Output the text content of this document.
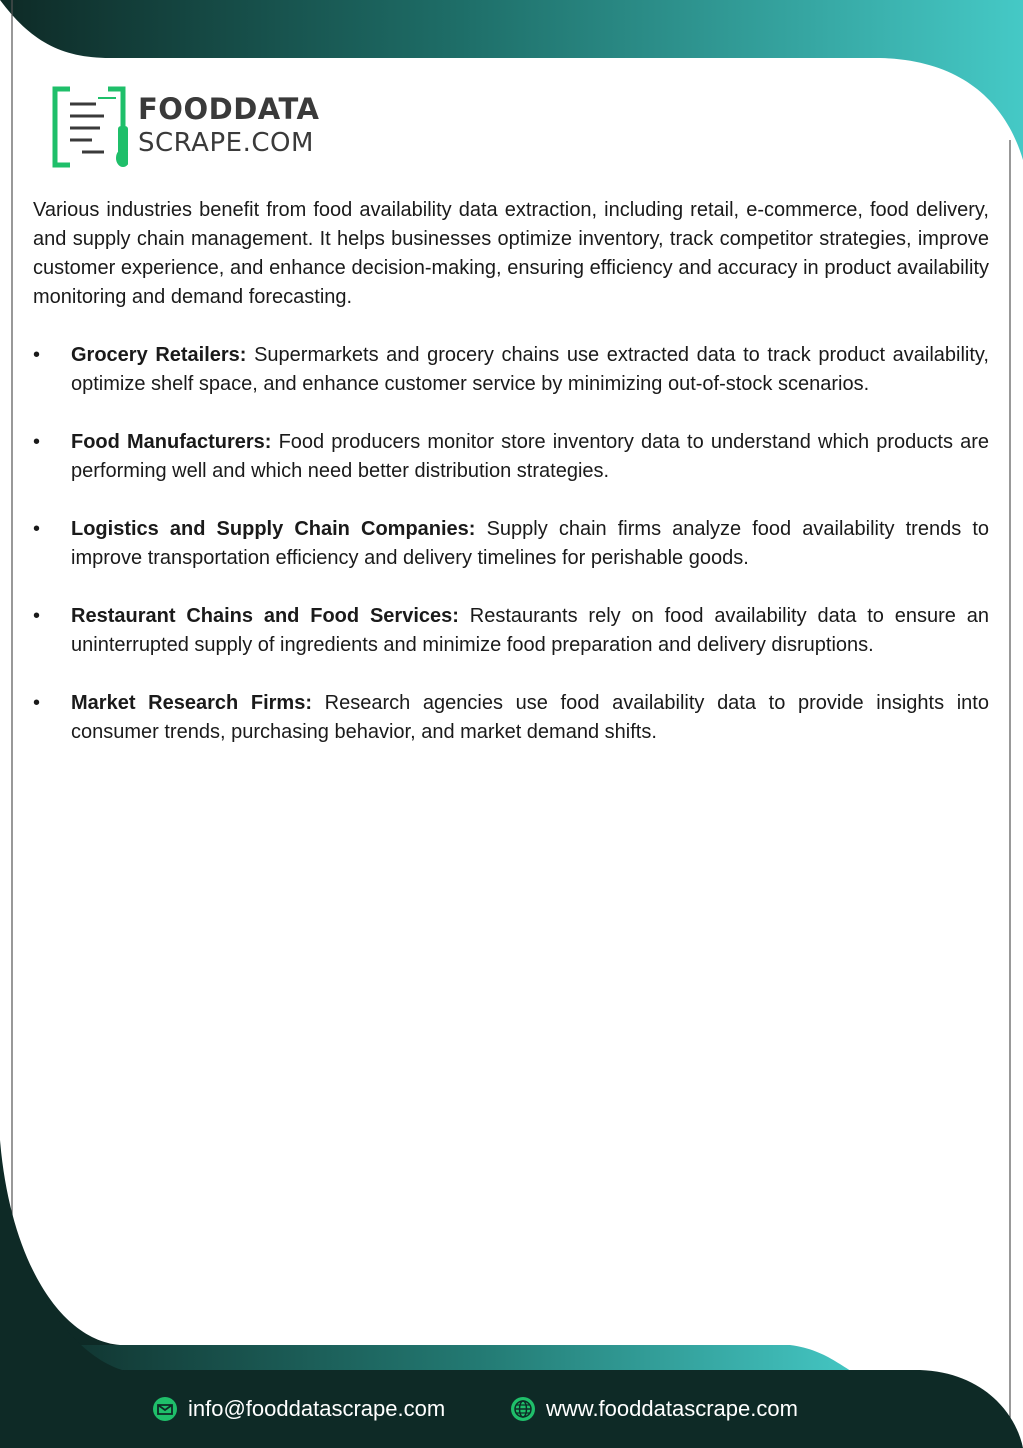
FOODDATA
SCRAPE.COM

Various industries benefit from food availability data extraction, including retail, e-commerce, food delivery, and supply chain management. It helps businesses optimize inventory, track competitor strategies, improve customer experience, and enhance decision-making, ensuring efficiency and accuracy in product availability monitoring and demand forecasting.

• Grocery Retailers: Supermarkets and grocery chains use extracted data to track product availability, optimize shelf space, and enhance customer service by minimizing out-of-stock scenarios.
• Food Manufacturers: Food producers monitor store inventory data to understand which products are performing well and which need better distribution strategies.
• Logistics and Supply Chain Companies: Supply chain firms analyze food availability trends to improve transportation efficiency and delivery timelines for perishable goods.
• Restaurant Chains and Food Services: Restaurants rely on food availability data to ensure an uninterrupted supply of ingredients and minimize food preparation and delivery disruptions.
• Market Research Firms: Research agencies use food availability data to provide insights into consumer trends, purchasing behavior, and market demand shifts.
info@fooddatascrape.com	www.fooddatascrape.com
